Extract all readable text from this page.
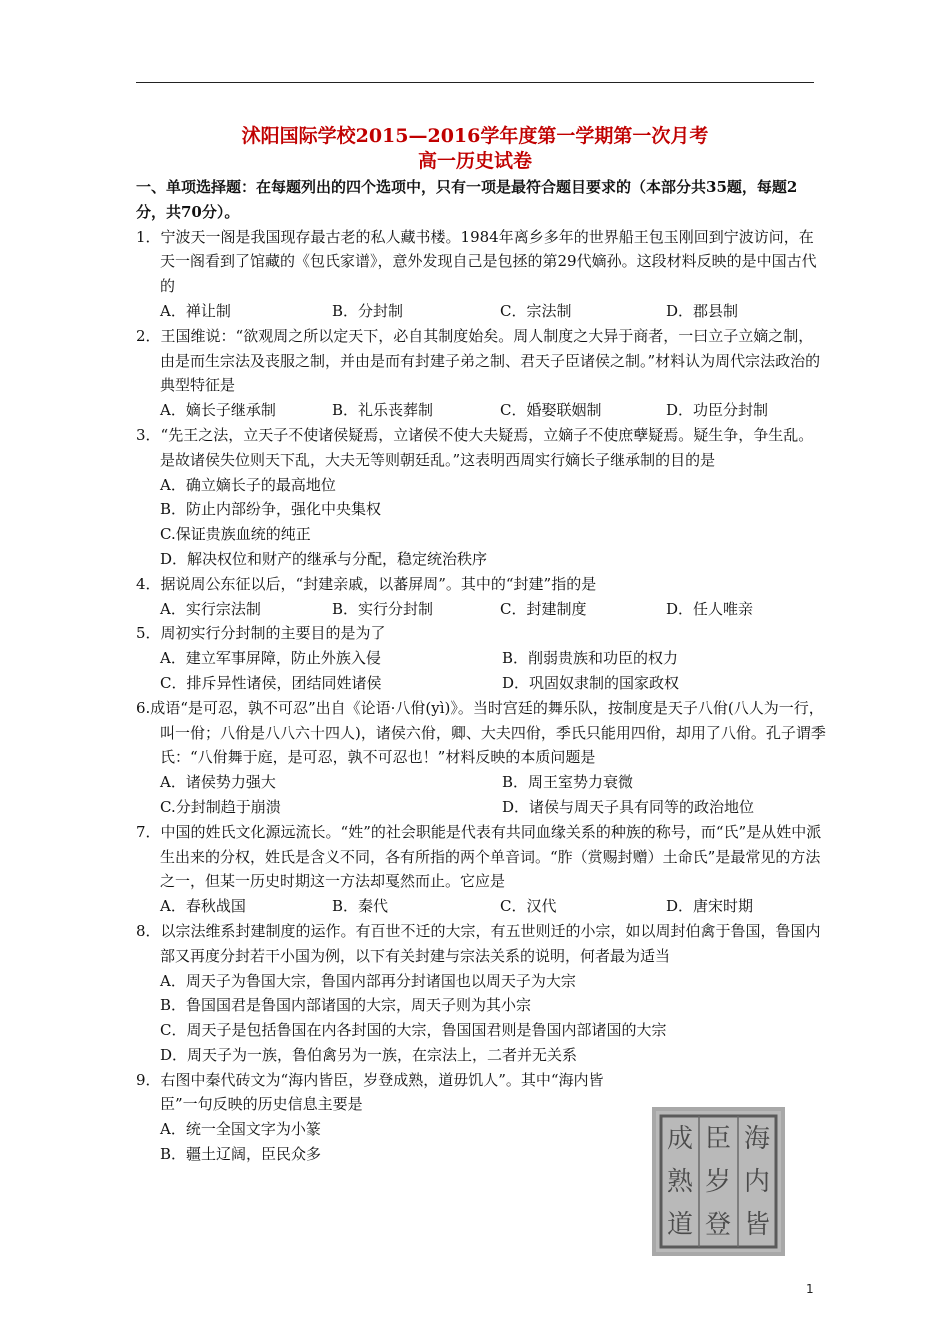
沭阳国际学校2015—2016学年度第一学期第一次月考
高一历史试卷

一、单项选择题：在每题列出的四个选项中，只有一项是最符合题目要求的（本部分共35题，每题2分，共70分）。

1．宁波天一阁是我国现存最古老的私人藏书楼。1984年离乡多年的世界船王包玉刚回到宁波访问，在天一阁看到了馆藏的《包氏家谱》，意外发现自己是包拯的第29代嫡孙。这段材料反映的是中国古代的

A．禅让制	B．分封制	C．宗法制	D．郡县制

2．王国维说：“欲观周之所以定天下，必自其制度始矣。周人制度之大异于商者，一曰立子立嫡之制，由是而生宗法及丧服之制，并由是而有封建子弟之制、君天子臣诸侯之制。”材料认为周代宗法政治的典型特征是

A．嫡长子继承制	B．礼乐丧葬制	C．婚娶联姻制	D．功臣分封制

3．“先王之法，立天子不使诸侯疑焉，立诸侯不使大夫疑焉，立嫡子不使庶孽疑焉。疑生争，争生乱。是故诸侯失位则天下乱，大夫无等则朝廷乱。”这表明西周实行嫡长子继承制的目的是

A．确立嫡长子的最高地位
B．防止内部纷争，强化中央集权
C.保证贵族血统的纯正
D．解决权位和财产的继承与分配，稳定统治秩序

4．据说周公东征以后，“封建亲戚，以蕃屏周”。其中的“封建”指的是

A．实行宗法制	B．实行分封制	C．封建制度	D．任人唯亲

5．周初实行分封制的主要目的是为了

A．建立军事屏障，防止外族入侵	B．削弱贵族和功臣的权力
C．排斥异性诸侯，团结同姓诸侯	D．巩固奴隶制的国家政权

6.成语“是可忍，孰不可忍”出自《论语·八佾(yì)》。当时宫廷的舞乐队，按制度是天子八佾(八人为一行，叫一佾；八佾是八八六十四人)，诸侯六佾，卿、大夫四佾，季氏只能用四佾，却用了八佾。孔子谓季氏：“八佾舞于庭，是可忍，孰不可忍也！”材料反映的本质问题是

A．诸侯势力强大	B．周王室势力衰微
C.分封制趋于崩溃	D．诸侯与周天子具有同等的政治地位

7．中国的姓氏文化源远流长。“姓”的社会职能是代表有共同血缘关系的种族的称号，而“氏”是从姓中派生出来的分权，姓氏是含义不同，各有所指的两个单音词。“胙（赏赐封赠）土命氏”是最常见的方法之一，但某一历史时期这一方法却戛然而止。它应是

A．春秋战国	B．秦代	C．汉代	D．唐宋时期

8．以宗法维系封建制度的运作。有百世不迁的大宗，有五世则迁的小宗，如以周封伯禽于鲁国，鲁国内部又再度分封若干小国为例，以下有关封建与宗法关系的说明，何者最为适当

A．周天子为鲁国大宗，鲁国内部再分封诸国也以周天子为大宗
B．鲁国国君是鲁国内部诸国的大宗，周天子则为其小宗
C．周天子是包括鲁国在内各封国的大宗，鲁国国君则是鲁国内部诸国的大宗
D．周天子为一族，鲁伯禽另为一族，在宗法上，二者并无关系

9．右图中秦代砖文为“海内皆臣，岁登成熟，道毋饥人”。其中“海内皆臣”一句反映的历史信息主要是

A．统一全国文字为小篆
B．疆土辽阔，臣民众多
海
内
皆
臣
岁
登
成
熟
道
1
